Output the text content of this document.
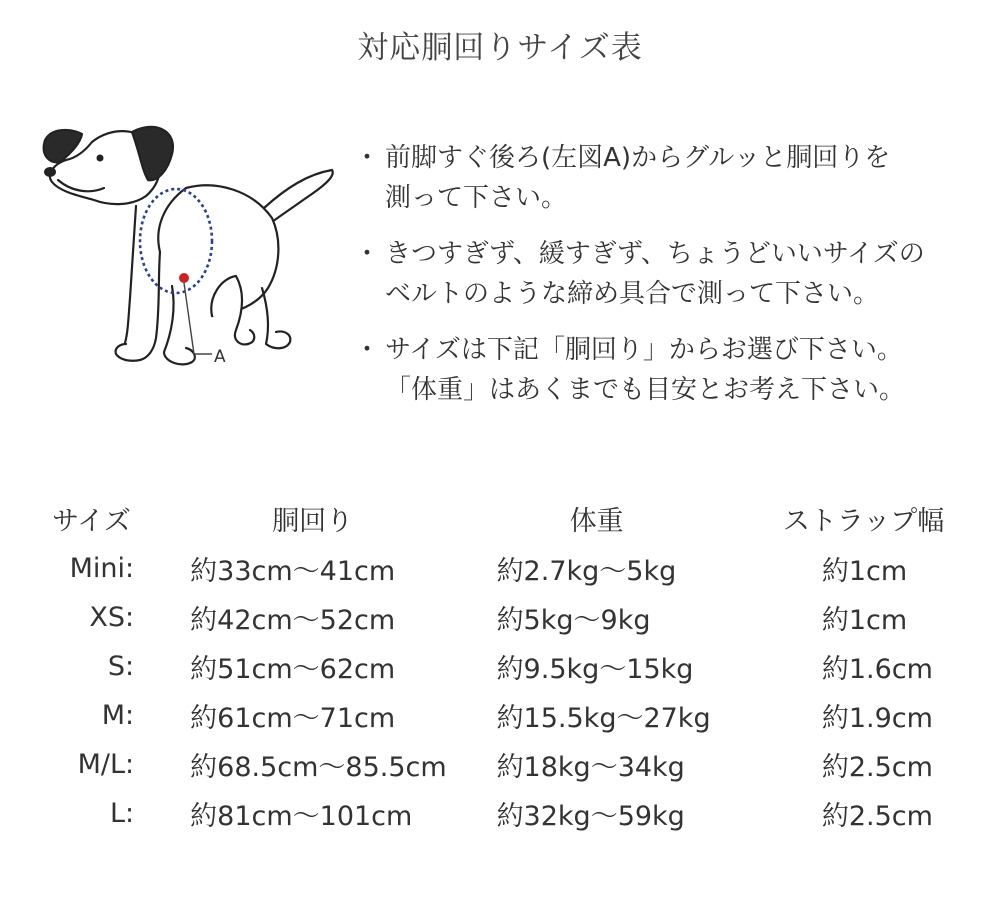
対応胴回りサイズ表
A
・ 前脚すぐ後ろ(左図A)からグルッと胴回りを
測って下さい。
・ きつすぎず、緩すぎず、ちょうどいいサイズの
ベルトのような締め具合で測って下さい。
・ サイズは下記「胴回り」からお選び下さい。
「体重」はあくまでも目安とお考え下さい。
サイズ	胴回り	体重	ストラップ幅
Mini:	約33cm〜41cm	約2.7kg〜5kg	約1cm
XS:	約42cm〜52cm	約5kg〜9kg	約1cm
S:	約51cm〜62cm	約9.5kg〜15kg	約1.6cm
M:	約61cm〜71cm	約15.5kg〜27kg	約1.9cm
M/L:	約68.5cm〜85.5cm	約18kg〜34kg	約2.5cm
L:	約81cm〜101cm	約32kg〜59kg	約2.5cm
